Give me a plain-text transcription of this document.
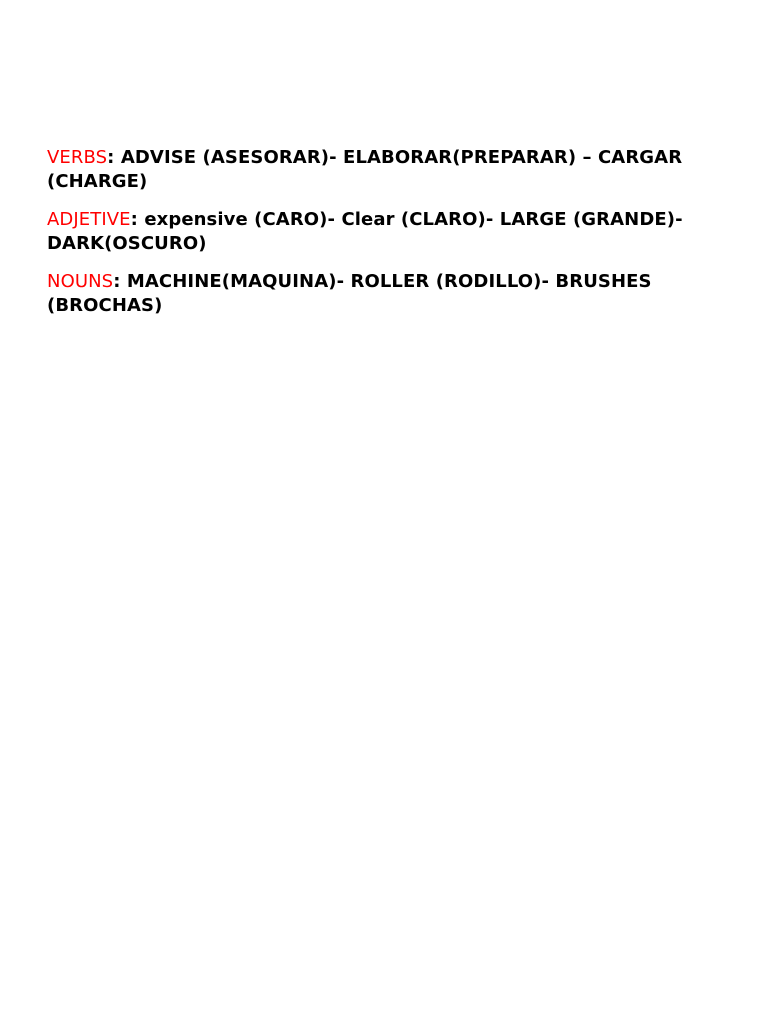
VERBS: ADVISE (ASESORAR)- ELABORAR(PREPARAR) – CARGAR (CHARGE)

ADJETIVE: expensive (CARO)- Clear (CLARO)- LARGE (GRANDE)- DARK(OSCURO)

NOUNS: MACHINE(MAQUINA)- ROLLER (RODILLO)- BRUSHES (BROCHAS)
